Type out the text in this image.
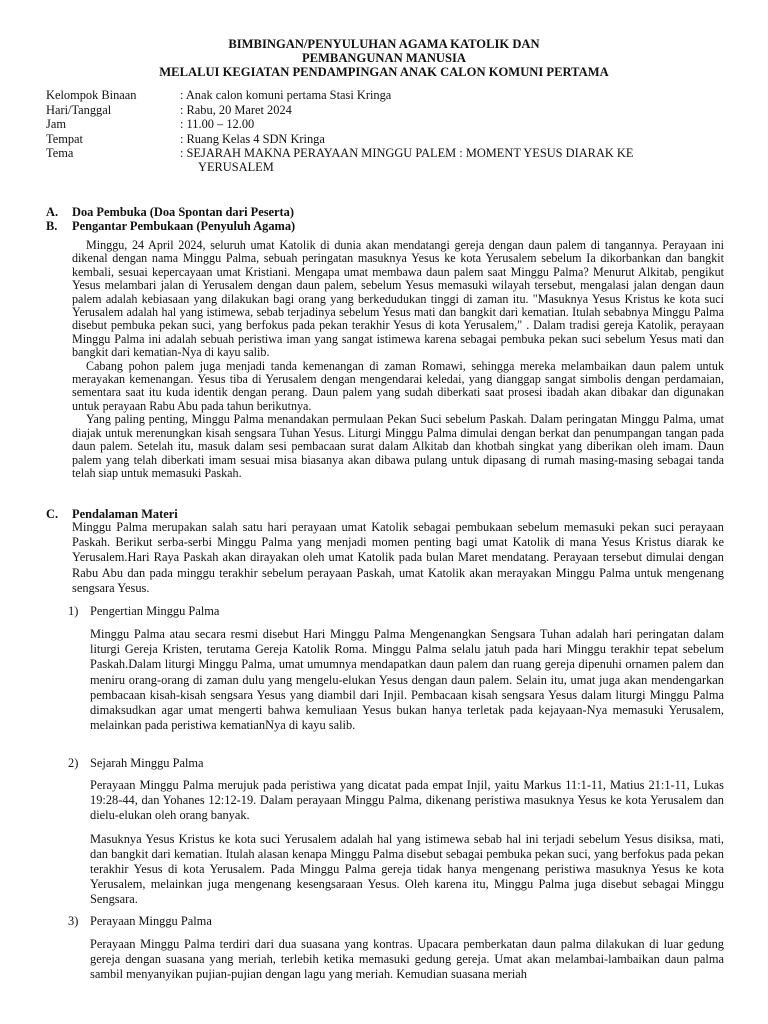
BIMBINGAN/PENYULUHAN AGAMA KATOLIK DAN
PEMBANGUNAN MANUSIA
MELALUI KEGIATAN PENDAMPINGAN ANAK CALON KOMUNI PERTAMA
Kelompok Binaan	: Anak calon komuni pertama Stasi Kringa
Hari/Tanggal	: Rabu, 20 Maret 2024
Jam	: 11.00 – 12.00
Tempat	: Ruang Kelas 4 SDN Kringa
Tema	: SEJARAH MAKNA PERAYAAN MINGGU PALEM : MOMENT YESUS DIARAK KE
YERUSALEM
A. Doa Pembuka (Doa Spontan dari Peserta)
B. Pengantar Pembukaan (Penyuluh Agama)

Minggu, 24 April 2024, seluruh umat Katolik di dunia akan mendatangi gereja dengan daun palem di tangannya. Perayaan ini dikenal dengan nama Minggu Palma, sebuah peringatan masuknya Yesus ke kota Yerusalem sebelum Ia dikorbankan dan bangkit kembali, sesuai kepercayaan umat Kristiani. Mengapa umat membawa daun palem saat Minggu Palma? Menurut Alkitab, pengikut Yesus melambari jalan di Yerusalem dengan daun palem, sebelum Yesus memasuki wilayah tersebut, mengalasi jalan dengan daun palem adalah kebiasaan yang dilakukan bagi orang yang berkedudukan tinggi di zaman itu. "Masuknya Yesus Kristus ke kota suci Yerusalem adalah hal yang istimewa, sebab terjadinya sebelum Yesus mati dan bangkit dari kematian. Itulah sebabnya Minggu Palma disebut pembuka pekan suci, yang berfokus pada pekan terakhir Yesus di kota Yerusalem," . Dalam tradisi gereja Katolik, perayaan Minggu Palma ini adalah sebuah peristiwa iman yang sangat istimewa karena sebagai pembuka pekan suci sebelum Yesus mati dan bangkit dari kematian-Nya di kayu salib.

Cabang pohon palem juga menjadi tanda kemenangan di zaman Romawi, sehingga mereka melambaikan daun palem untuk merayakan kemenangan. Yesus tiba di Yerusalem dengan mengendarai keledai, yang dianggap sangat simbolis dengan perdamaian, sementara saat itu kuda identik dengan perang. Daun palem yang sudah diberkati saat prosesi ibadah akan dibakar dan digunakan untuk perayaan Rabu Abu pada tahun berikutnya.

Yang paling penting, Minggu Palma menandakan permulaan Pekan Suci sebelum Paskah. Dalam peringatan Minggu Palma, umat diajak untuk merenungkan kisah sengsara Tuhan Yesus. Liturgi Minggu Palma dimulai dengan berkat dan penumpangan tangan pada daun palem. Setelah itu, masuk dalam sesi pembacaan surat dalam Alkitab dan khotbah singkat yang diberikan oleh imam. Daun palem yang telah diberkati imam sesuai misa biasanya akan dibawa pulang untuk dipasang di rumah masing-masing sebagai tanda telah siap untuk memasuki Paskah.

C. Pendalaman Materi
Minggu Palma merupakan salah satu hari perayaan umat Katolik sebagai pembukaan sebelum memasuki pekan suci perayaan Paskah. Berikut serba-serbi Minggu Palma yang menjadi momen penting bagi umat Katolik di mana Yesus Kristus diarak ke Yerusalem.Hari Raya Paskah akan dirayakan oleh umat Katolik pada bulan Maret mendatang. Perayaan tersebut dimulai dengan Rabu Abu dan pada minggu terakhir sebelum perayaan Paskah, umat Katolik akan merayakan Minggu Palma untuk mengenang sengsara Yesus.
1) Pengertian Minggu Palma

Minggu Palma atau secara resmi disebut Hari Minggu Palma Mengenangkan Sengsara Tuhan adalah hari peringatan dalam liturgi Gereja Kristen, terutama Gereja Katolik Roma. Minggu Palma selalu jatuh pada hari Minggu terakhir tepat sebelum Paskah.Dalam liturgi Minggu Palma, umat umumnya mendapatkan daun palem dan ruang gereja dipenuhi ornamen palem dan meniru orang-orang di zaman dulu yang mengelu-elukan Yesus dengan daun palem. Selain itu, umat juga akan mendengarkan pembacaan kisah-kisah sengsara Yesus yang diambil dari Injil. Pembacaan kisah sengsara Yesus dalam liturgi Minggu Palma dimaksudkan agar umat mengerti bahwa kemuliaan Yesus bukan hanya terletak pada kejayaan-Nya memasuki Yerusalem, melainkan pada peristiwa kematianNya di kayu salib.

2) Sejarah Minggu Palma

Perayaan Minggu Palma merujuk pada peristiwa yang dicatat pada empat Injil, yaitu Markus 11:1-11, Matius 21:1-11, Lukas 19:28-44, dan Yohanes 12:12-19. Dalam perayaan Minggu Palma, dikenang peristiwa masuknya Yesus ke kota Yerusalem dan dielu-elukan oleh orang banyak.

Masuknya Yesus Kristus ke kota suci Yerusalem adalah hal yang istimewa sebab hal ini terjadi sebelum Yesus disiksa, mati, dan bangkit dari kematian. Itulah alasan kenapa Minggu Palma disebut sebagai pembuka pekan suci, yang berfokus pada pekan terakhir Yesus di kota Yerusalem. Pada Minggu Palma gereja tidak hanya mengenang peristiwa masuknya Yesus ke kota Yerusalem, melainkan juga mengenang kesengsaraan Yesus. Oleh karena itu, Minggu Palma juga disebut sebagai Minggu Sengsara.

3) Perayaan Minggu Palma

Perayaan Minggu Palma terdiri dari dua suasana yang kontras. Upacara pemberkatan daun palma dilakukan di luar gedung gereja dengan suasana yang meriah, terlebih ketika memasuki gedung gereja. Umat akan melambai-lambaikan daun palma sambil menyanyikan pujian-pujian dengan lagu yang meriah. Kemudian suasana meriah
